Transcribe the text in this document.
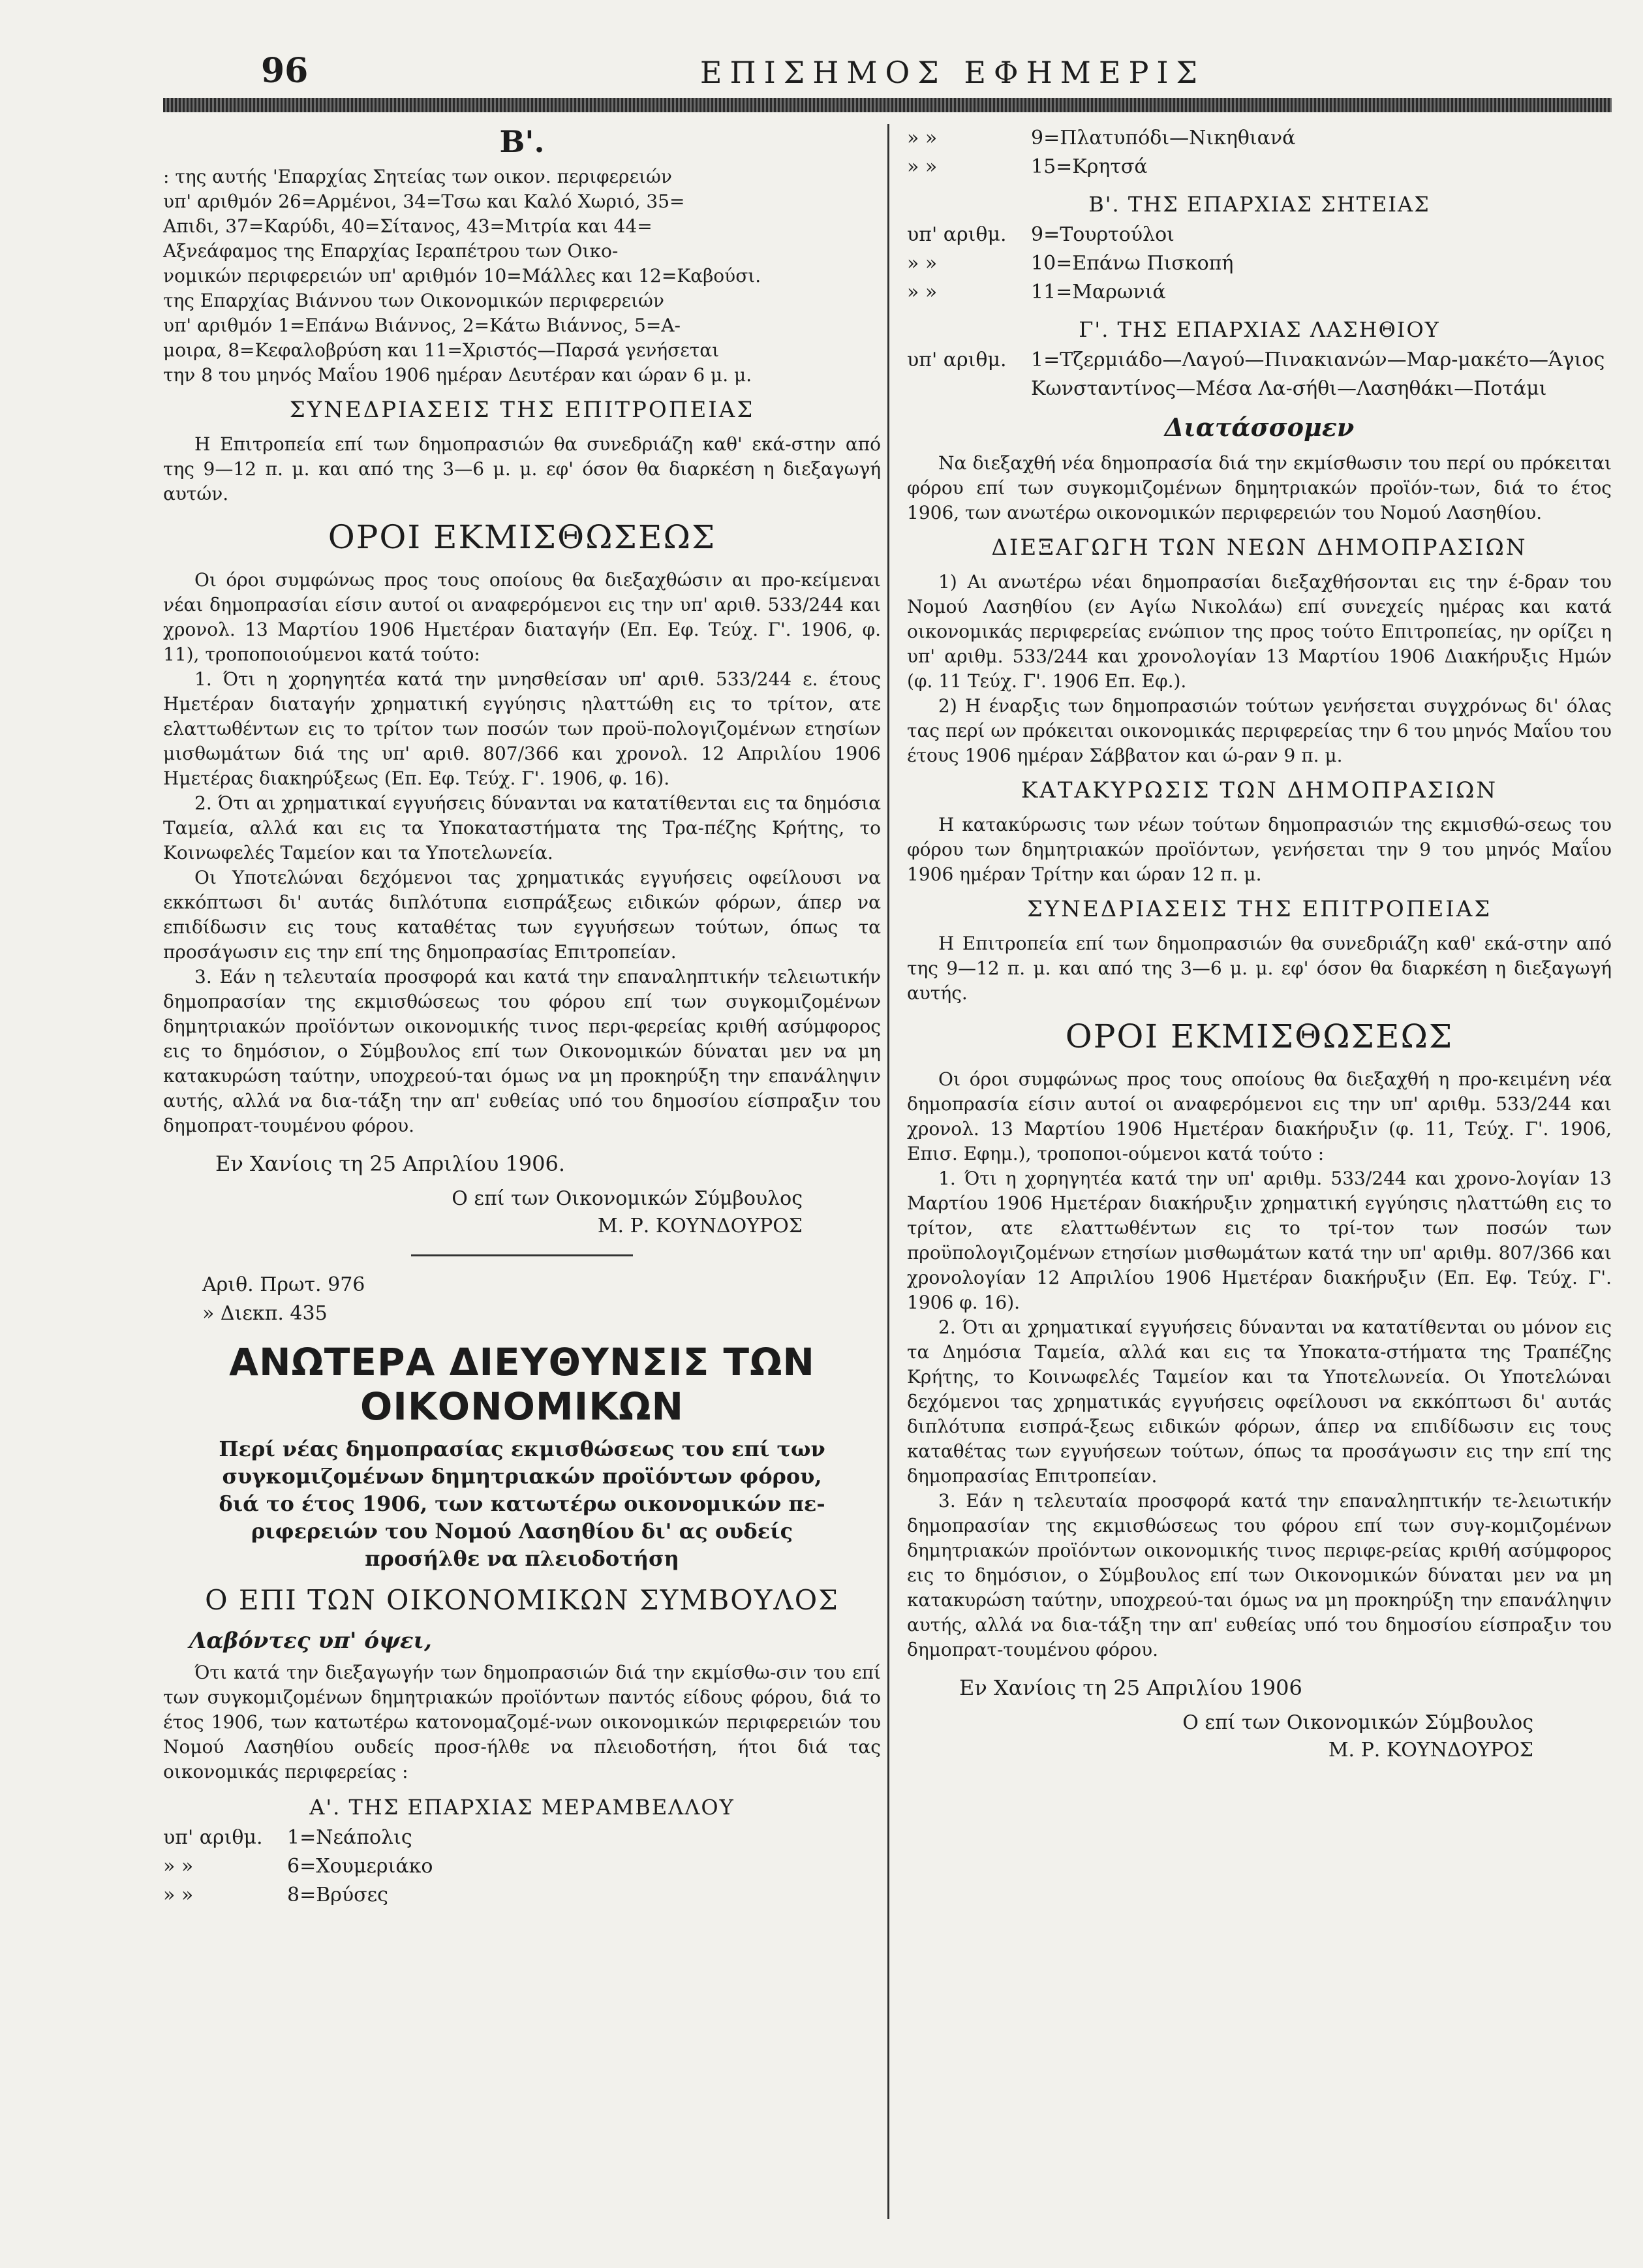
96	ΕΠΙΣΗΜΟΣ ΕΦΗΜΕΡΙΣ
Β'.

: της αυτής 'Επαρχίας Σητείας των οικον. περιφερειών

υπ' αριθμόν 26=Αρμένοι, 34=Τσω και Καλό Χωριό, 35=

Απιδι, 37=Καρύδι, 40=Σίτανος, 43=Μιτρία και 44=

Αξνεάφαμος της Επαρχίας Ιεραπέτρου των Οικο-

νομικών περιφερειών υπ' αριθμόν 10=Μάλλες και 12=Καβούσι.

της Επαρχίας Βιάννου των Οικονομικών περιφερειών

υπ' αριθμόν 1=Επάνω Βιάννος, 2=Κάτω Βιάννος, 5=Α-

μοιρα, 8=Κεφαλοβρύση και 11=Χριστός—Παρσά γενήσεται

την 8 του μηνός Μαΐου 1906 ημέραν Δευτέραν και ώραν 6 μ. μ.

ΣΥΝΕΔΡΙΑΣΕΙΣ ΤΗΣ ΕΠΙΤΡΟΠΕΙΑΣ

Η Επιτροπεία επί των δημοπρασιών θα συνεδριάζη καθ' εκά-στην από της 9—12 π. μ. και από της 3—6 μ. μ. εφ' όσον θα διαρκέση η διεξαγωγή αυτών.

ΟΡΟΙ ΕΚΜΙΣΘΩΣΕΩΣ

Οι όροι συμφώνως προς τους οποίους θα διεξαχθώσιν αι προ-κείμεναι νέαι δημοπρασίαι είσιν αυτοί οι αναφερόμενοι εις την υπ' αριθ. 533/244 και χρονολ. 13 Μαρτίου 1906 Ημετέραν διαταγήν (Επ. Εφ. Τεύχ. Γ'. 1906, φ. 11), τροποποιούμενοι κατά τούτο:

1. Ότι η χορηγητέα κατά την μνησθείσαν υπ' αριθ. 533/244 ε. έτους Ημετέραν διαταγήν χρηματική εγγύησις ηλαττώθη εις το τρίτον, ατε ελαττωθέντων εις το τρίτον των ποσών των προϋ-πολογιζομένων ετησίων μισθωμάτων διά της υπ' αριθ. 807/366 και χρονολ. 12 Απριλίου 1906 Ημετέρας διακηρύξεως (Επ. Εφ. Τεύχ. Γ'. 1906, φ. 16).

2. Ότι αι χρηματικαί εγγυήσεις δύνανται να κατατίθενται εις τα δημόσια Ταμεία, αλλά και εις τα Υποκαταστήματα της Τρα-πέζης Κρήτης, το Κοινωφελές Ταμείον και τα Υποτελωνεία.

Οι Υποτελώναι δεχόμενοι τας χρηματικάς εγγυήσεις οφείλουσι να εκκόπτωσι δι' αυτάς διπλότυπα εισπράξεως ειδικών φόρων, άπερ να επιδίδωσιν εις τους καταθέτας των εγγυήσεων τούτων, όπως τα προσάγωσιν εις την επί της δημοπρασίας Επιτροπείαν.

3. Εάν η τελευταία προσφορά και κατά την επαναληπτικήν τελειωτικήν δημοπρασίαν της εκμισθώσεως του φόρου επί των συγκομιζομένων δημητριακών προϊόντων οικονομικής τινος περι-φερείας κριθή ασύμφορος εις το δημόσιον, ο Σύμβουλος επί των Οικονομικών δύναται μεν να μη κατακυρώση ταύτην, υποχρεού-ται όμως να μη προκηρύξη την επανάληψιν αυτής, αλλά να δια-τάξη την απ' ευθείας υπό του δημοσίου είσπραξιν του δημοπρατ-τουμένου φόρου.

Εν Χανίοις τη 25 Απριλίου 1906.
Ο επί των Οικονομικών Σύμβουλος
Μ. Ρ. ΚΟΥΝΔΟΥΡΟΣ
Αριθ. Πρωτ. 976
» Διεκπ. 435
ΑΝΩΤΕΡΑ ΔΙΕΥΘΥΝΣΙΣ ΤΩΝ ΟΙΚΟΝΟΜΙΚΩΝ
Περί νέας δημοπρασίας εκμισθώσεως του επί των
συγκομιζομένων δημητριακών προϊόντων φόρου,
διά το έτος 1906, των κατωτέρω οικονομικών πε-
ριφερειών του Νομού Λασηθίου δι' ας ουδείς
προσήλθε να πλειοδοτήση
Ο ΕΠΙ ΤΩΝ ΟΙΚΟΝΟΜΙΚΩΝ ΣΥΜΒΟΥΛΟΣ
Λαβόντες υπ' όψει,

Ότι κατά την διεξαγωγήν των δημοπρασιών διά την εκμίσθω-σιν του επί των συγκομιζομένων δημητριακών προϊόντων παντός είδους φόρου, διά το έτος 1906, των κατωτέρω κατονομαζομέ-νων οικονομικών περιφερειών του Νομού Λασηθίου ουδείς προσ-ήλθε να πλειοδοτήση, ήτοι διά τας οικονομικάς περιφερείας :

Α'. ΤΗΣ ΕΠΑΡΧΙΑΣ ΜΕΡΑΜΒΕΛΛΟΥ
υπ' αριθμ.	1=Νεάπολις
» »	6=Χουμεριάκο
» »	8=Βρύσες
» »	9=Πλατυπόδι—Νικηθιανά
» »	15=Κρητσά
Β'. ΤΗΣ ΕΠΑΡΧΙΑΣ ΣΗΤΕΙΑΣ
υπ' αριθμ.	9=Τουρτούλοι
» »	10=Επάνω Πισκοπή
» »	11=Μαρωνιά
Γ'. ΤΗΣ ΕΠΑΡΧΙΑΣ ΛΑΣΗΘΙΟΥ
υπ' αριθμ.	1=Τζερμιάδο—Λαγού—Πινακιανών—Μαρ-μακέτο—Άγιος Κωνσταντίνος—Μέσα Λα-σήθι—Λασηθάκι—Ποτάμι
Διατάσσομεν

Να διεξαχθή νέα δημοπρασία διά την εκμίσθωσιν του περί ου πρόκειται φόρου επί των συγκομιζομένων δημητριακών προϊόν-των, διά το έτος 1906, των ανωτέρω οικονομικών περιφερειών του Νομού Λασηθίου.

ΔΙΕΞΑΓΩΓΗ ΤΩΝ ΝΕΩΝ ΔΗΜΟΠΡΑΣΙΩΝ

1) Αι ανωτέρω νέαι δημοπρασίαι διεξαχθήσονται εις την έ-δραν του Νομού Λασηθίου (εν Αγίω Νικολάω) επί συνεχείς ημέρας και κατά οικονομικάς περιφερείας ενώπιον της προς τούτο Επιτροπείας, ην ορίζει η υπ' αριθμ. 533/244 και χρονολογίαν 13 Μαρτίου 1906 Διακήρυξις Ημών (φ. 11 Τεύχ. Γ'. 1906 Επ. Εφ.).

2) Η έναρξις των δημοπρασιών τούτων γενήσεται συγχρόνως δι' όλας τας περί ων πρόκειται οικονομικάς περιφερείας την 6 του μηνός Μαΐου του έτους 1906 ημέραν Σάββατον και ώ-ραν 9 π. μ.

ΚΑΤΑΚΥΡΩΣΙΣ ΤΩΝ ΔΗΜΟΠΡΑΣΙΩΝ

Η κατακύρωσις των νέων τούτων δημοπρασιών της εκμισθώ-σεως του φόρου των δημητριακών προϊόντων, γενήσεται την 9 του μηνός Μαΐου 1906 ημέραν Τρίτην και ώραν 12 π. μ.

ΣΥΝΕΔΡΙΑΣΕΙΣ ΤΗΣ ΕΠΙΤΡΟΠΕΙΑΣ

Η Επιτροπεία επί των δημοπρασιών θα συνεδριάζη καθ' εκά-στην από της 9—12 π. μ. και από της 3—6 μ. μ. εφ' όσον θα διαρκέση η διεξαγωγή αυτής.

ΟΡΟΙ ΕΚΜΙΣΘΩΣΕΩΣ

Οι όροι συμφώνως προς τους οποίους θα διεξαχθή η προ-κειμένη νέα δημοπρασία είσιν αυτοί οι αναφερόμενοι εις την υπ' αριθμ. 533/244 και χρονολ. 13 Μαρτίου 1906 Ημετέραν διακήρυξιν (φ. 11, Τεύχ. Γ'. 1906, Επισ. Εφημ.), τροποποι-ούμενοι κατά τούτο :

1. Ότι η χορηγητέα κατά την υπ' αριθμ. 533/244 και χρονο-λογίαν 13 Μαρτίου 1906 Ημετέραν διακήρυξιν χρηματική εγγύησις ηλαττώθη εις το τρίτον, ατε ελαττωθέντων εις το τρί-τον των ποσών των προϋπολογιζομένων ετησίων μισθωμάτων κατά την υπ' αριθμ. 807/366 και χρονολογίαν 12 Απριλίου 1906 Ημετέραν διακήρυξιν (Επ. Εφ. Τεύχ. Γ'. 1906 φ. 16).

2. Ότι αι χρηματικαί εγγυήσεις δύνανται να κατατίθενται ου μόνον εις τα Δημόσια Ταμεία, αλλά και εις τα Υποκατα-στήματα της Τραπέζης Κρήτης, το Κοινωφελές Ταμείον και τα Υποτελωνεία. Οι Υποτελώναι δεχόμενοι τας χρηματικάς εγγυήσεις οφείλουσι να εκκόπτωσι δι' αυτάς διπλότυπα εισπρά-ξεως ειδικών φόρων, άπερ να επιδίδωσιν εις τους καταθέτας των εγγυήσεων τούτων, όπως τα προσάγωσιν εις την επί της δημοπρασίας Επιτροπείαν.

3. Εάν η τελευταία προσφορά κατά την επαναληπτικήν τε-λειωτικήν δημοπρασίαν της εκμισθώσεως του φόρου επί των συγ-κομιζομένων δημητριακών προϊόντων οικονομικής τινος περιφε-ρείας κριθή ασύμφορος εις το δημόσιον, ο Σύμβουλος επί των Οικονομικών δύναται μεν να μη κατακυρώση ταύτην, υποχρεού-ται όμως να μη προκηρύξη την επανάληψιν αυτής, αλλά να δια-τάξη την απ' ευθείας υπό του δημοσίου είσπραξιν του δημοπρατ-τουμένου φόρου.

Εν Χανίοις τη 25 Απριλίου 1906
Ο επί των Οικονομικών Σύμβουλος
Μ. Ρ. ΚΟΥΝΔΟΥΡΟΣ
